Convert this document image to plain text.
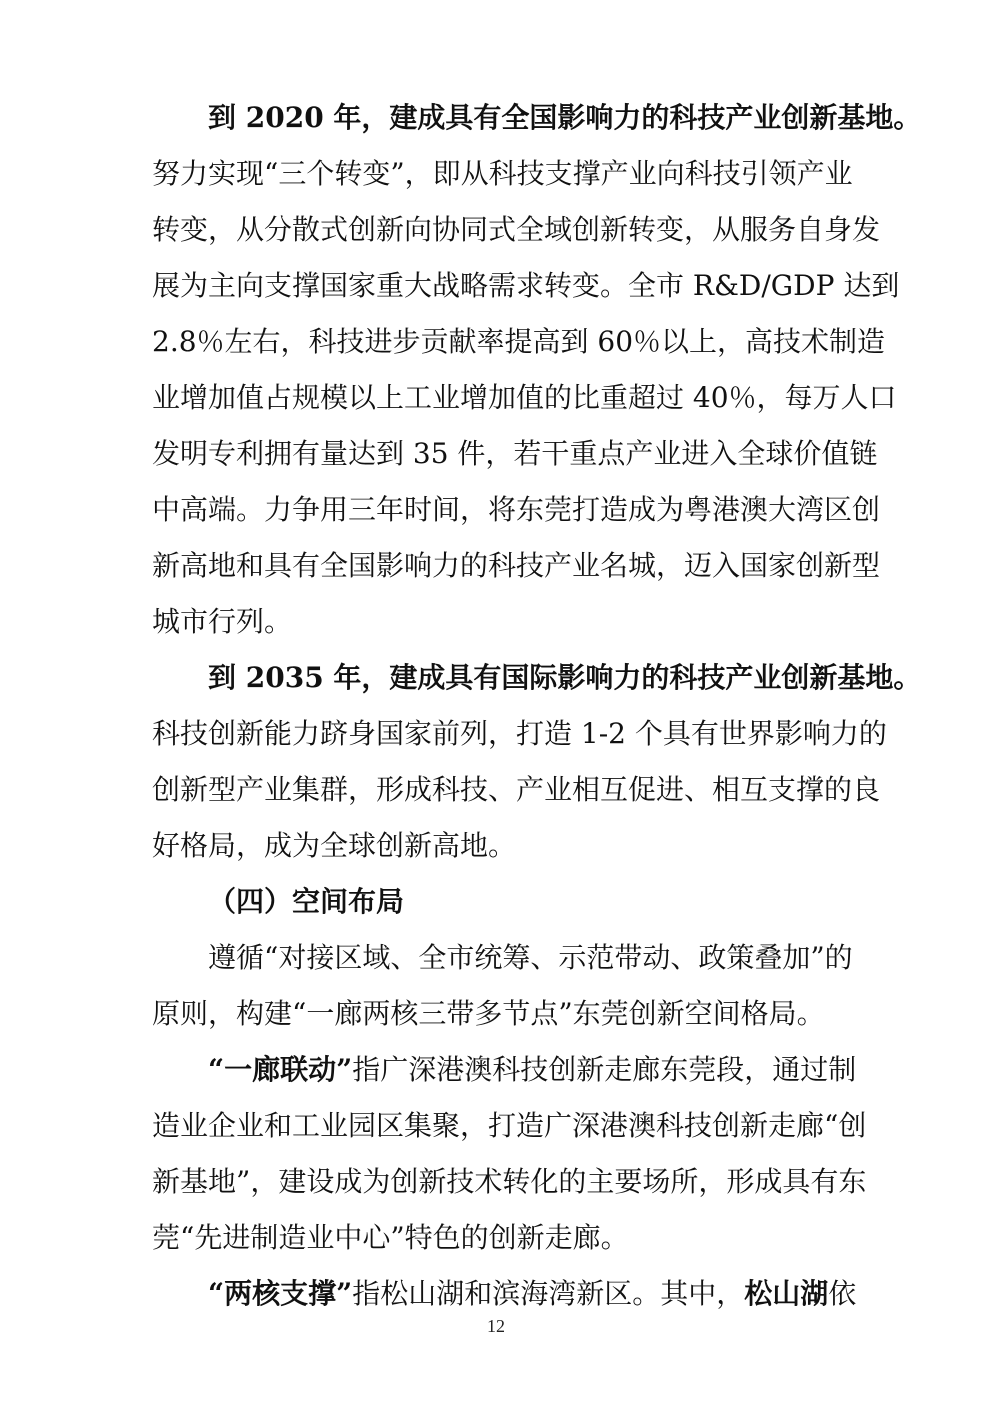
到 2020 年，建成具有全国影响力的科技产业创新基地。
努力实现“三个转变”，即从科技支撑产业向科技引领产业
转变，从分散式创新向协同式全域创新转变，从服务自身发
展为主向支撑国家重大战略需求转变。全市 R&D/GDP 达到
2.8％左右，科技进步贡献率提高到 60％以上，高技术制造
业增加值占规模以上工业增加值的比重超过 40％，每万人口
发明专利拥有量达到 35 件，若干重点产业进入全球价值链
中高端。力争用三年时间，将东莞打造成为粤港澳大湾区创
新高地和具有全国影响力的科技产业名城，迈入国家创新型
城市行列。
到 2035 年，建成具有国际影响力的科技产业创新基地。
科技创新能力跻身国家前列，打造 1-2 个具有世界影响力的
创新型产业集群，形成科技、产业相互促进、相互支撑的良
好格局，成为全球创新高地。
（四）空间布局
遵循“对接区域、全市统筹、示范带动、政策叠加”的
原则，构建“一廊两核三带多节点”东莞创新空间格局。
“一廊联动”指广深港澳科技创新走廊东莞段，通过制
造业企业和工业园区集聚，打造广深港澳科技创新走廊“创
新基地”，建设成为创新技术转化的主要场所，形成具有东
莞“先进制造业中心”特色的创新走廊。
“两核支撑”指松山湖和滨海湾新区。其中，松山湖依
12
